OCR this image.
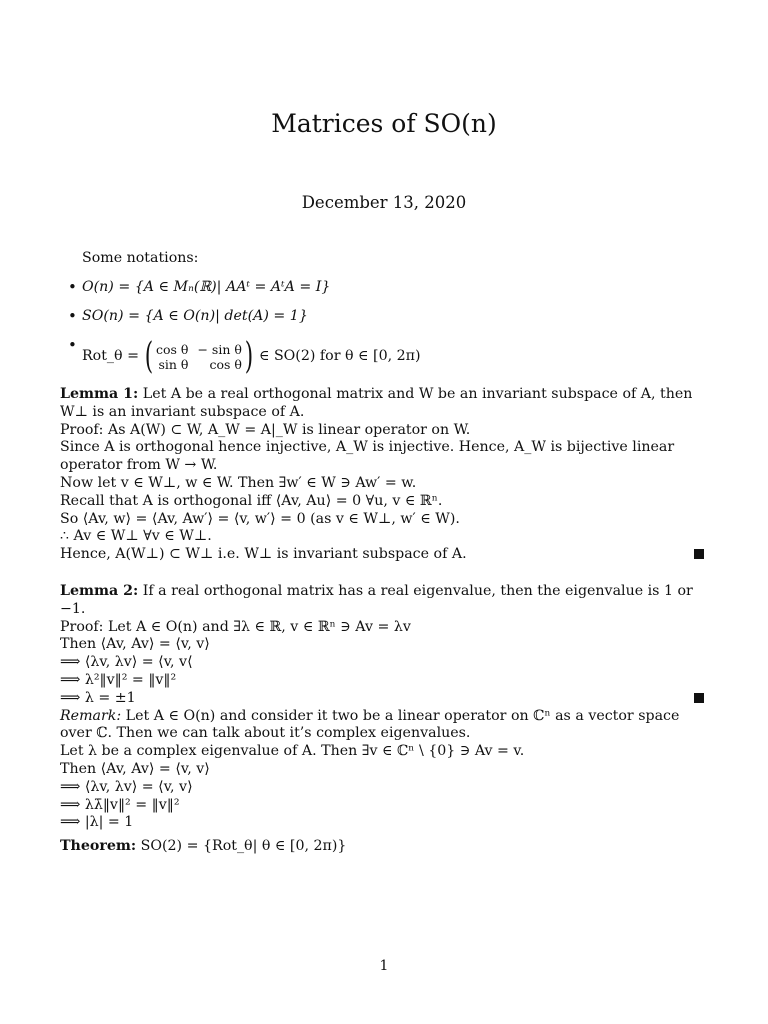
Matrices of SO(n)
December 13, 2020
Some notations:
• O(n) = {A ∈ Mₙ(ℝ)| AAᵗ = AᵗA = I}
• SO(n) = {A ∈ O(n)| det(A) = 1}
• Rot_θ = ( cos θ − sin θ
sin θ	cos θ ) ∈ SO(2) for θ ∈ [0, 2π)
Lemma 1: Let A be a real orthogonal matrix and W be an invariant subspace of A, then W⊥ is an invariant subspace of A.
Proof: As A(W) ⊂ W, A_W = A|_W is linear operator on W.
Since A is orthogonal hence injective, A_W is injective. Hence, A_W is bijective linear operator from W → W.
Now let v ∈ W⊥, w ∈ W. Then ∃w′ ∈ W ∋ Aw′ = w.
Recall that A is orthogonal iff ⟨Av, Au⟩ = 0 ∀u, v ∈ ℝⁿ.
So ⟨Av, w⟩ = ⟨Av, Aw′⟩ = ⟨v, w′⟩ = 0 (as v ∈ W⊥, w′ ∈ W).
∴ Av ∈ W⊥ ∀v ∈ W⊥.
Hence, A(W⊥) ⊂ W⊥ i.e. W⊥ is invariant subspace of A.
Lemma 2: If a real orthogonal matrix has a real eigenvalue, then the eigenvalue is 1 or −1.
Proof: Let A ∈ O(n) and ∃λ ∈ ℝ, v ∈ ℝⁿ ∋ Av = λv
Then ⟨Av, Av⟩ = ⟨v, v⟩
⟹ ⟨λv, λv⟩ = ⟨v, v⟨
⟹ λ²‖v‖² = ‖v‖²
⟹ λ = ±1
Remark: Let A ∈ O(n) and consider it two be a linear operator on ℂⁿ as a vector space over ℂ. Then we can talk about it’s complex eigenvalues.
Let λ be a complex eigenvalue of A. Then ∃v ∈ ℂⁿ \ {0} ∋ Av = v.
Then ⟨Av, Av⟩ = ⟨v, v⟩
⟹ ⟨λv, λv⟩ = ⟨v, v⟩
⟹ λλ̄‖v‖² = ‖v‖²
⟹ |λ| = 1
Theorem: SO(2) = {Rot_θ| θ ∈ [0, 2π)}
1
